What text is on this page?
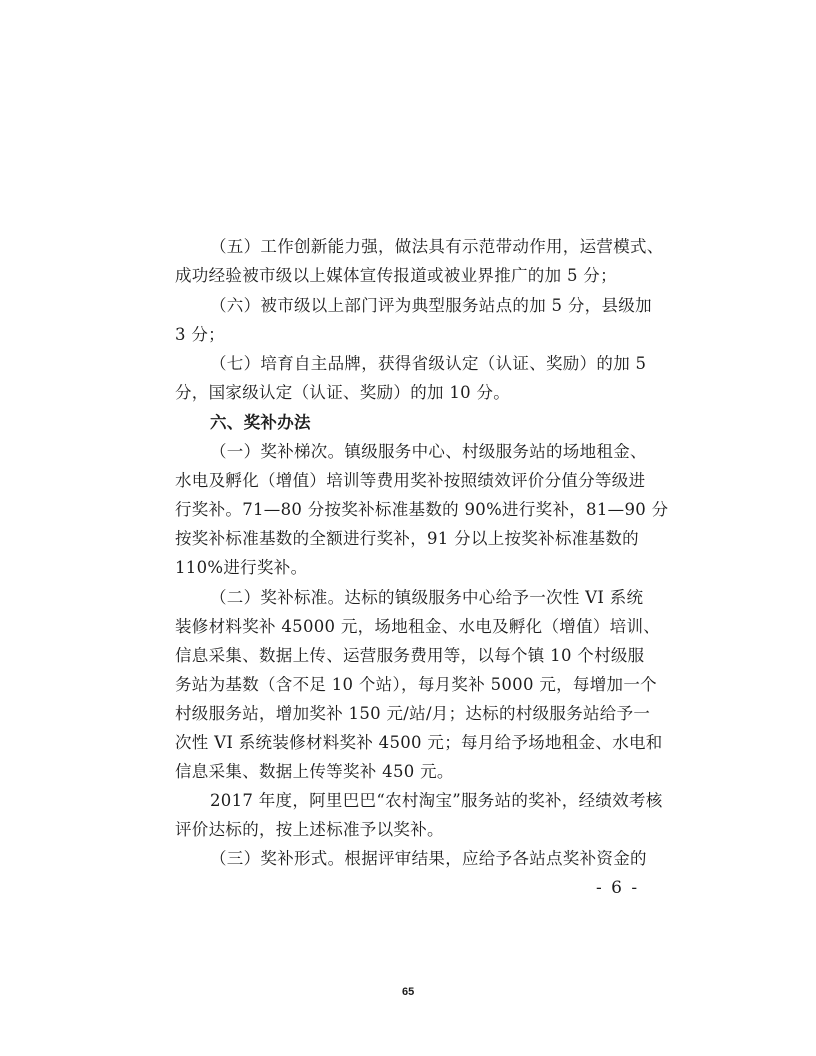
（五）工作创新能力强，做法具有示范带动作用，运营模式、
成功经验被市级以上媒体宣传报道或被业界推广的加 5 分；
（六）被市级以上部门评为典型服务站点的加 5 分，县级加
3 分；
（七）培育自主品牌，获得省级认定（认证、奖励）的加 5
分，国家级认定（认证、奖励）的加 10 分。
六、奖补办法
（一）奖补梯次。镇级服务中心、村级服务站的场地租金、
水电及孵化（增值）培训等费用奖补按照绩效评价分值分等级进
行奖补。71—80 分按奖补标准基数的 90%进行奖补，81—90 分
按奖补标准基数的全额进行奖补，91 分以上按奖补标准基数的
110%进行奖补。
（二）奖补标准。达标的镇级服务中心给予一次性 VI 系统
装修材料奖补 45000 元，场地租金、水电及孵化（增值）培训、
信息采集、数据上传、运营服务费用等，以每个镇 10 个村级服
务站为基数（含不足 10 个站），每月奖补 5000 元，每增加一个
村级服务站，增加奖补 150 元/站/月；达标的村级服务站给予一
次性 VI 系统装修材料奖补 4500 元；每月给予场地租金、水电和
信息采集、数据上传等奖补 450 元。
2017 年度，阿里巴巴“农村淘宝”服务站的奖补，经绩效考核
评价达标的，按上述标准予以奖补。
（三）奖补形式。根据评审结果，应给予各站点奖补资金的
- 6 -
65
